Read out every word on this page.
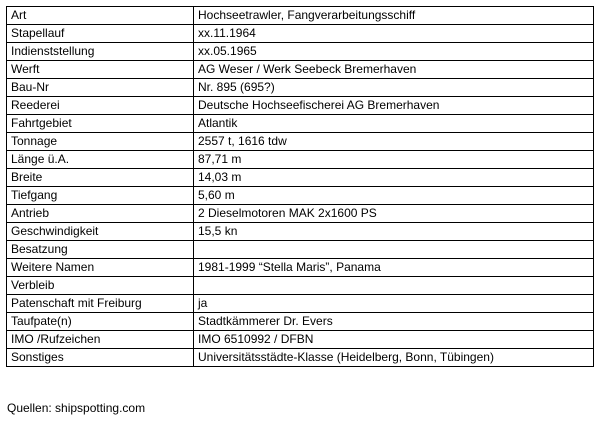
Art	Hochseetrawler, Fangverarbeitungsschiff
Stapellauf	xx.11.1964
Indienststellung	xx.05.1965
Werft	AG Weser / Werk Seebeck Bremerhaven
Bau-Nr	Nr. 895 (695?)
Reederei	Deutsche Hochseefischerei AG Bremerhaven
Fahrtgebiet	Atlantik
Tonnage	2557 t, 1616 tdw
Länge ü.A.	87,71 m
Breite	14,03 m
Tiefgang	5,60 m
Antrieb	2 Dieselmotoren MAK 2x1600 PS
Geschwindigkeit	15,5 kn
Besatzung	
Weitere Namen	1981-1999 “Stella Maris”, Panama
Verbleib	
Patenschaft mit Freiburg	ja
Taufpate(n)	Stadtkämmerer Dr. Evers
IMO /Rufzeichen	IMO 6510992 / DFBN
Sonstiges	Universitätsstädte-Klasse (Heidelberg, Bonn, Tübingen)
Quellen: shipspotting.com
